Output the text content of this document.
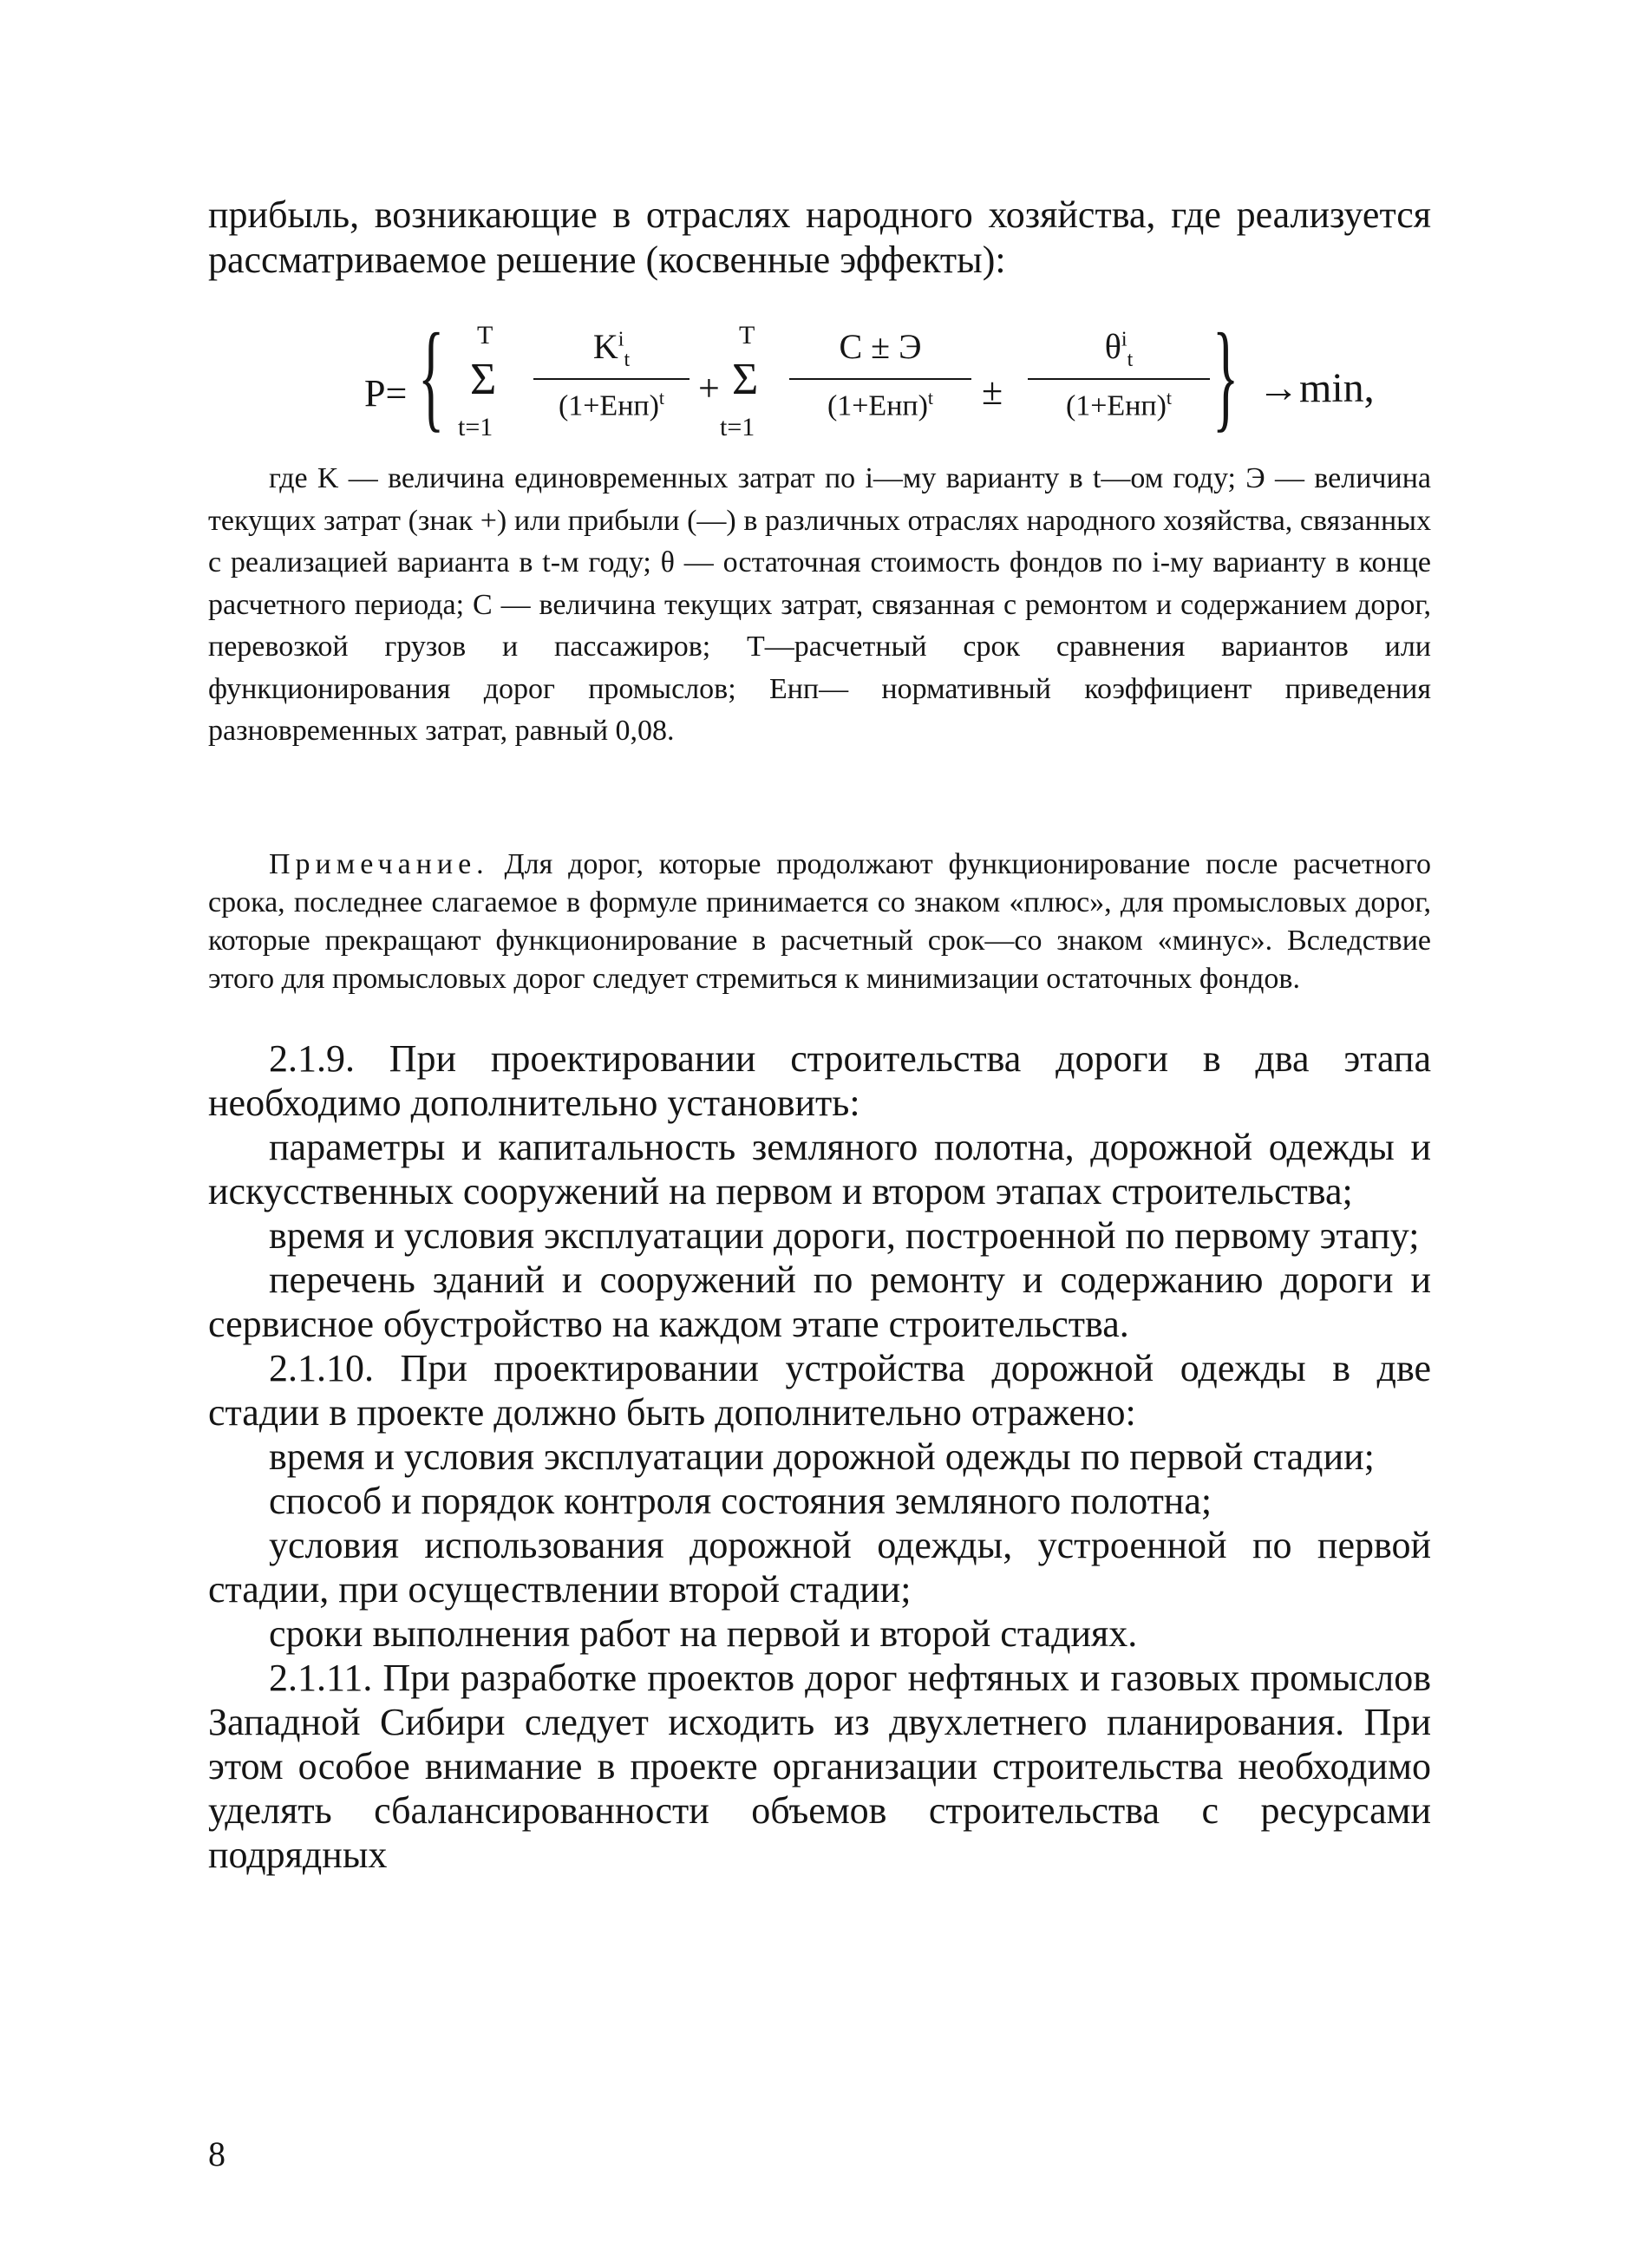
прибыль, возникающие в отраслях народного хозяйства, где реализуется рассматриваемое решение (косвенные эффекты):

P= { T
Σ
t=1
$K^i_t$
$(1+Eнп)^t$ +
T
Σ
t=1
C ± Э
$(1+Eнп)^t$	±
$\theta^i_t$
$(1+Eнп)^t$ } →min,

где K — величина единовременных затрат по i—му варианту в t—ом году; Э — величина текущих затрат (знак +) или прибыли (—) в различных отраслях народного хозяйства, связанных с реализацией варианта в t-м году; θ — остаточная стоимость фондов по i-му варианту в конце расчетного периода; C — величина текущих затрат, связанная с ремонтом и содержанием дорог, перевозкой грузов и пассажиров; T—расчетный срок сравнения вариантов или функционирования дорог промыслов; Eнп— нормативный коэффициент приведения разновременных затрат, равный 0,08.

Примечание. Для дорог, которые продолжают функционирование после расчетного срока, последнее слагаемое в формуле принимается со знаком «плюс», для промысловых дорог, которые прекращают функционирование в расчетный срок—со знаком «минус». Вследствие этого для промысловых дорог следует стремиться к минимизации остаточных фондов.

2.1.9. При проектировании строительства дороги в два этапа необходимо дополнительно установить:

параметры и капитальность земляного полотна, дорожной одежды и искусственных сооружений на первом и втором этапах строительства;

время и условия эксплуатации дороги, построенной по первому этапу;

перечень зданий и сооружений по ремонту и содержанию дороги и сервисное обустройство на каждом этапе строительства.

2.1.10. При проектировании устройства дорожной одежды в две стадии в проекте должно быть дополнительно отражено:

время и условия эксплуатации дорожной одежды по первой стадии;

способ и порядок контроля состояния земляного полотна;

условия использования дорожной одежды, устроенной по первой стадии, при осуществлении второй стадии;

сроки выполнения работ на первой и второй стадиях.

2.1.11. При разработке проектов дорог нефтяных и газовых промыслов Западной Сибири следует исходить из двухлетнего планирования. При этом особое внимание в проекте организации строительства необходимо уделять сбалансированности объемов строительства с ресурсами подрядных

8
